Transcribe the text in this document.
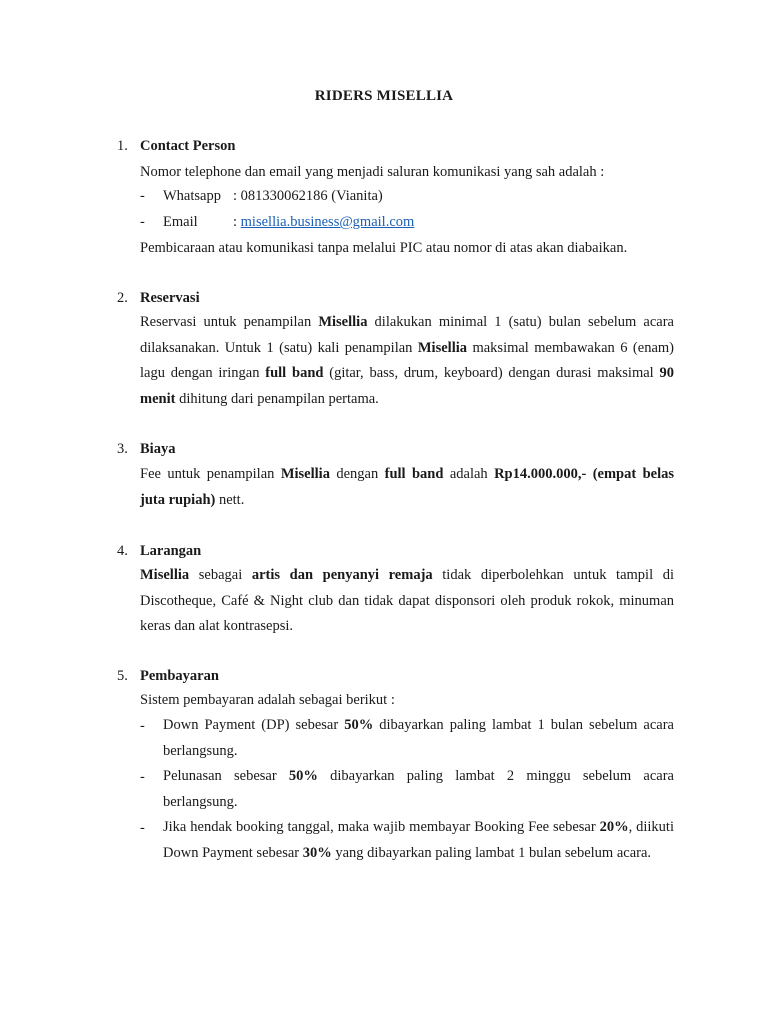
RIDERS MISELLIA
1. Contact Person
Nomor telephone dan email yang menjadi saluran komunikasi yang sah adalah :
- Whatsapp : 081330062186 (Vianita)
- Email : misellia.business@gmail.com
Pembicaraan atau komunikasi tanpa melalui PIC atau nomor di atas akan diabaikan.
2. Reservasi
Reservasi untuk penampilan Misellia dilakukan minimal 1 (satu) bulan sebelum acara dilaksanakan. Untuk 1 (satu) kali penampilan Misellia maksimal membawakan 6 (enam) lagu dengan iringan full band (gitar, bass, drum, keyboard) dengan durasi maksimal 90 menit dihitung dari penampilan pertama.
3. Biaya
Fee untuk penampilan Misellia dengan full band adalah Rp14.000.000,- (empat belas juta rupiah) nett.
4. Larangan
Misellia sebagai artis dan penyanyi remaja tidak diperbolehkan untuk tampil di Discotheque, Café & Night club dan tidak dapat disponsori oleh produk rokok, minuman keras dan alat kontrasepsi.
5. Pembayaran
Sistem pembayaran adalah sebagai berikut :
- Down Payment (DP) sebesar 50% dibayarkan paling lambat 1 bulan sebelum acara berlangsung.
- Pelunasan sebesar 50% dibayarkan paling lambat 2 minggu sebelum acara berlangsung.
- Jika hendak booking tanggal, maka wajib membayar Booking Fee sebesar 20%, diikuti Down Payment sebesar 30% yang dibayarkan paling lambat 1 bulan sebelum acara.
